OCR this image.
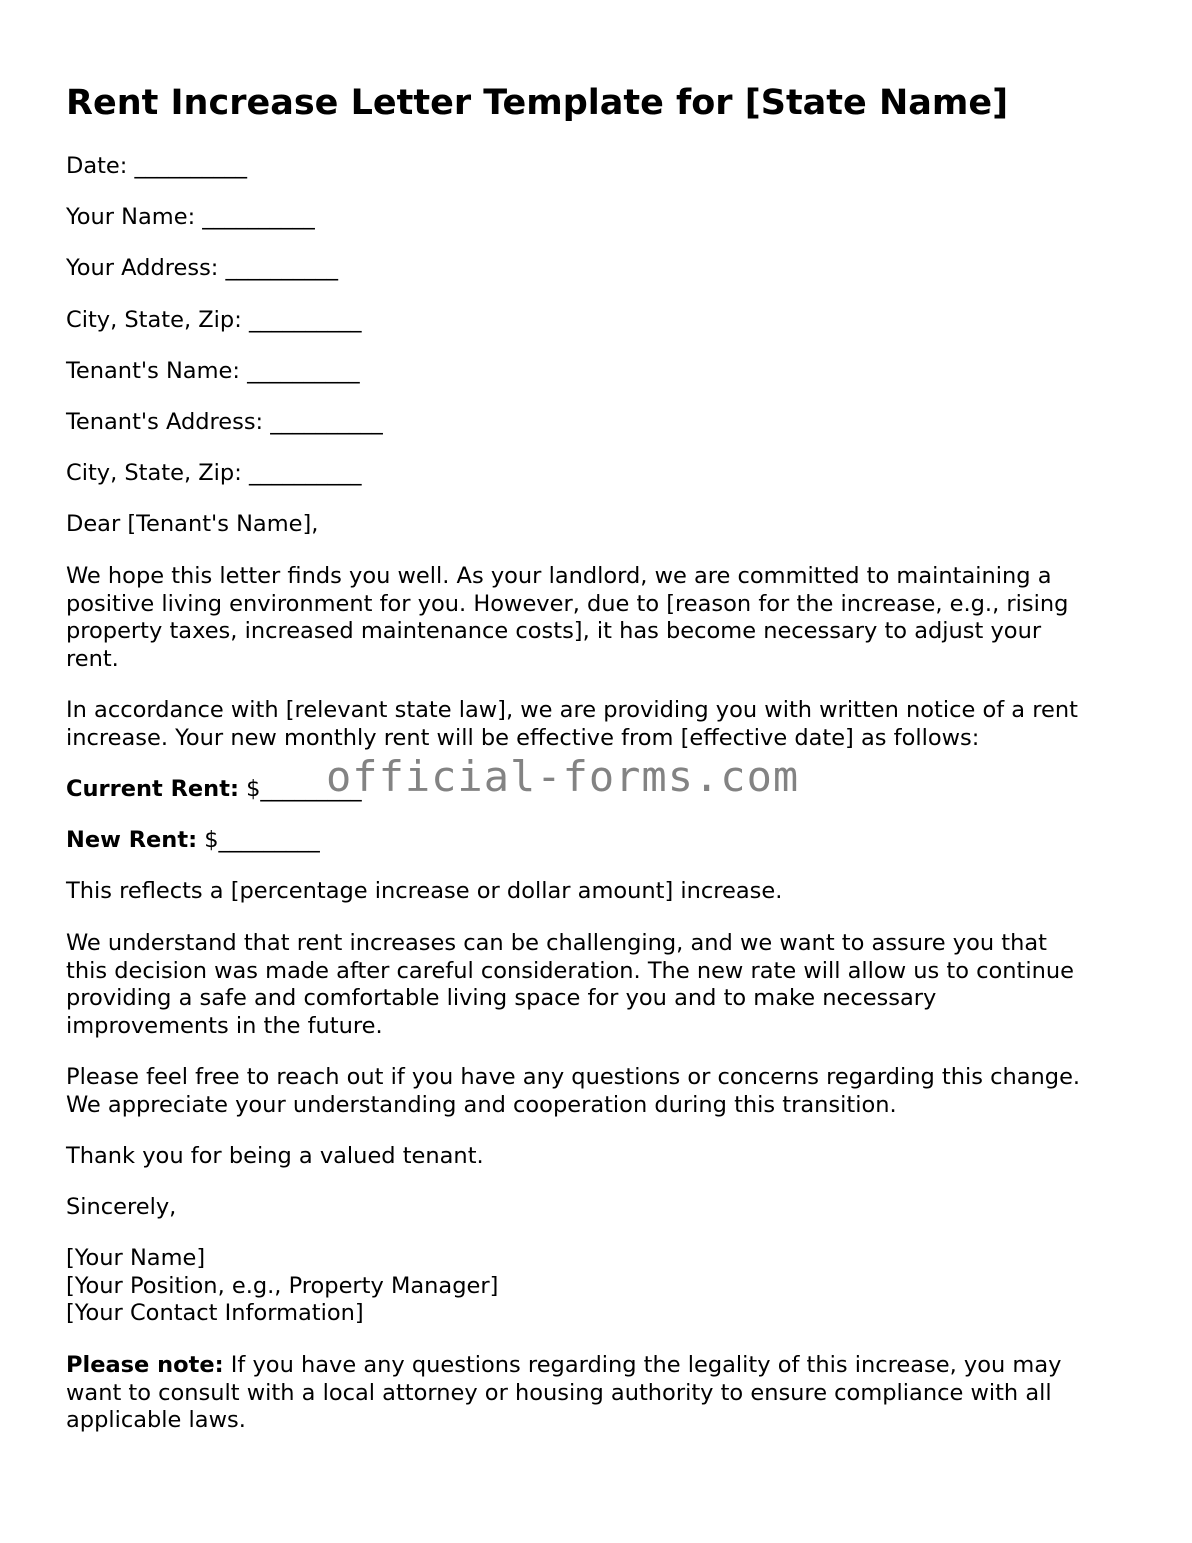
Rent Increase Letter Template for [State Name]

Date: __________

Your Name: __________

Your Address: __________

City, State, Zip: __________

Tenant's Name: __________

Tenant's Address: __________

City, State, Zip: __________

Dear [Tenant's Name],

We hope this letter finds you well. As your landlord, we are committed to maintaining a
positive living environment for you. However, due to [reason for the increase, e.g., rising
property taxes, increased maintenance costs], it has become necessary to adjust your
rent.
In accordance with [relevant state law], we are providing you with written notice of a rent
increase. Your new monthly rent will be effective from [effective date] as follows:

Current Rent: $_________

New Rent: $_________

This reflects a [percentage increase or dollar amount] increase.

We understand that rent increases can be challenging, and we want to assure you that
this decision was made after careful consideration. The new rate will allow us to continue
providing a safe and comfortable living space for you and to make necessary
improvements in the future.
Please feel free to reach out if you have any questions or concerns regarding this change.
We appreciate your understanding and cooperation during this transition.

Thank you for being a valued tenant.

Sincerely,

[Your Name]
[Your Position, e.g., Property Manager]
[Your Contact Information]
Please note: If you have any questions regarding the legality of this increase, you may
want to consult with a local attorney or housing authority to ensure compliance with all
applicable laws.
official-forms.com
